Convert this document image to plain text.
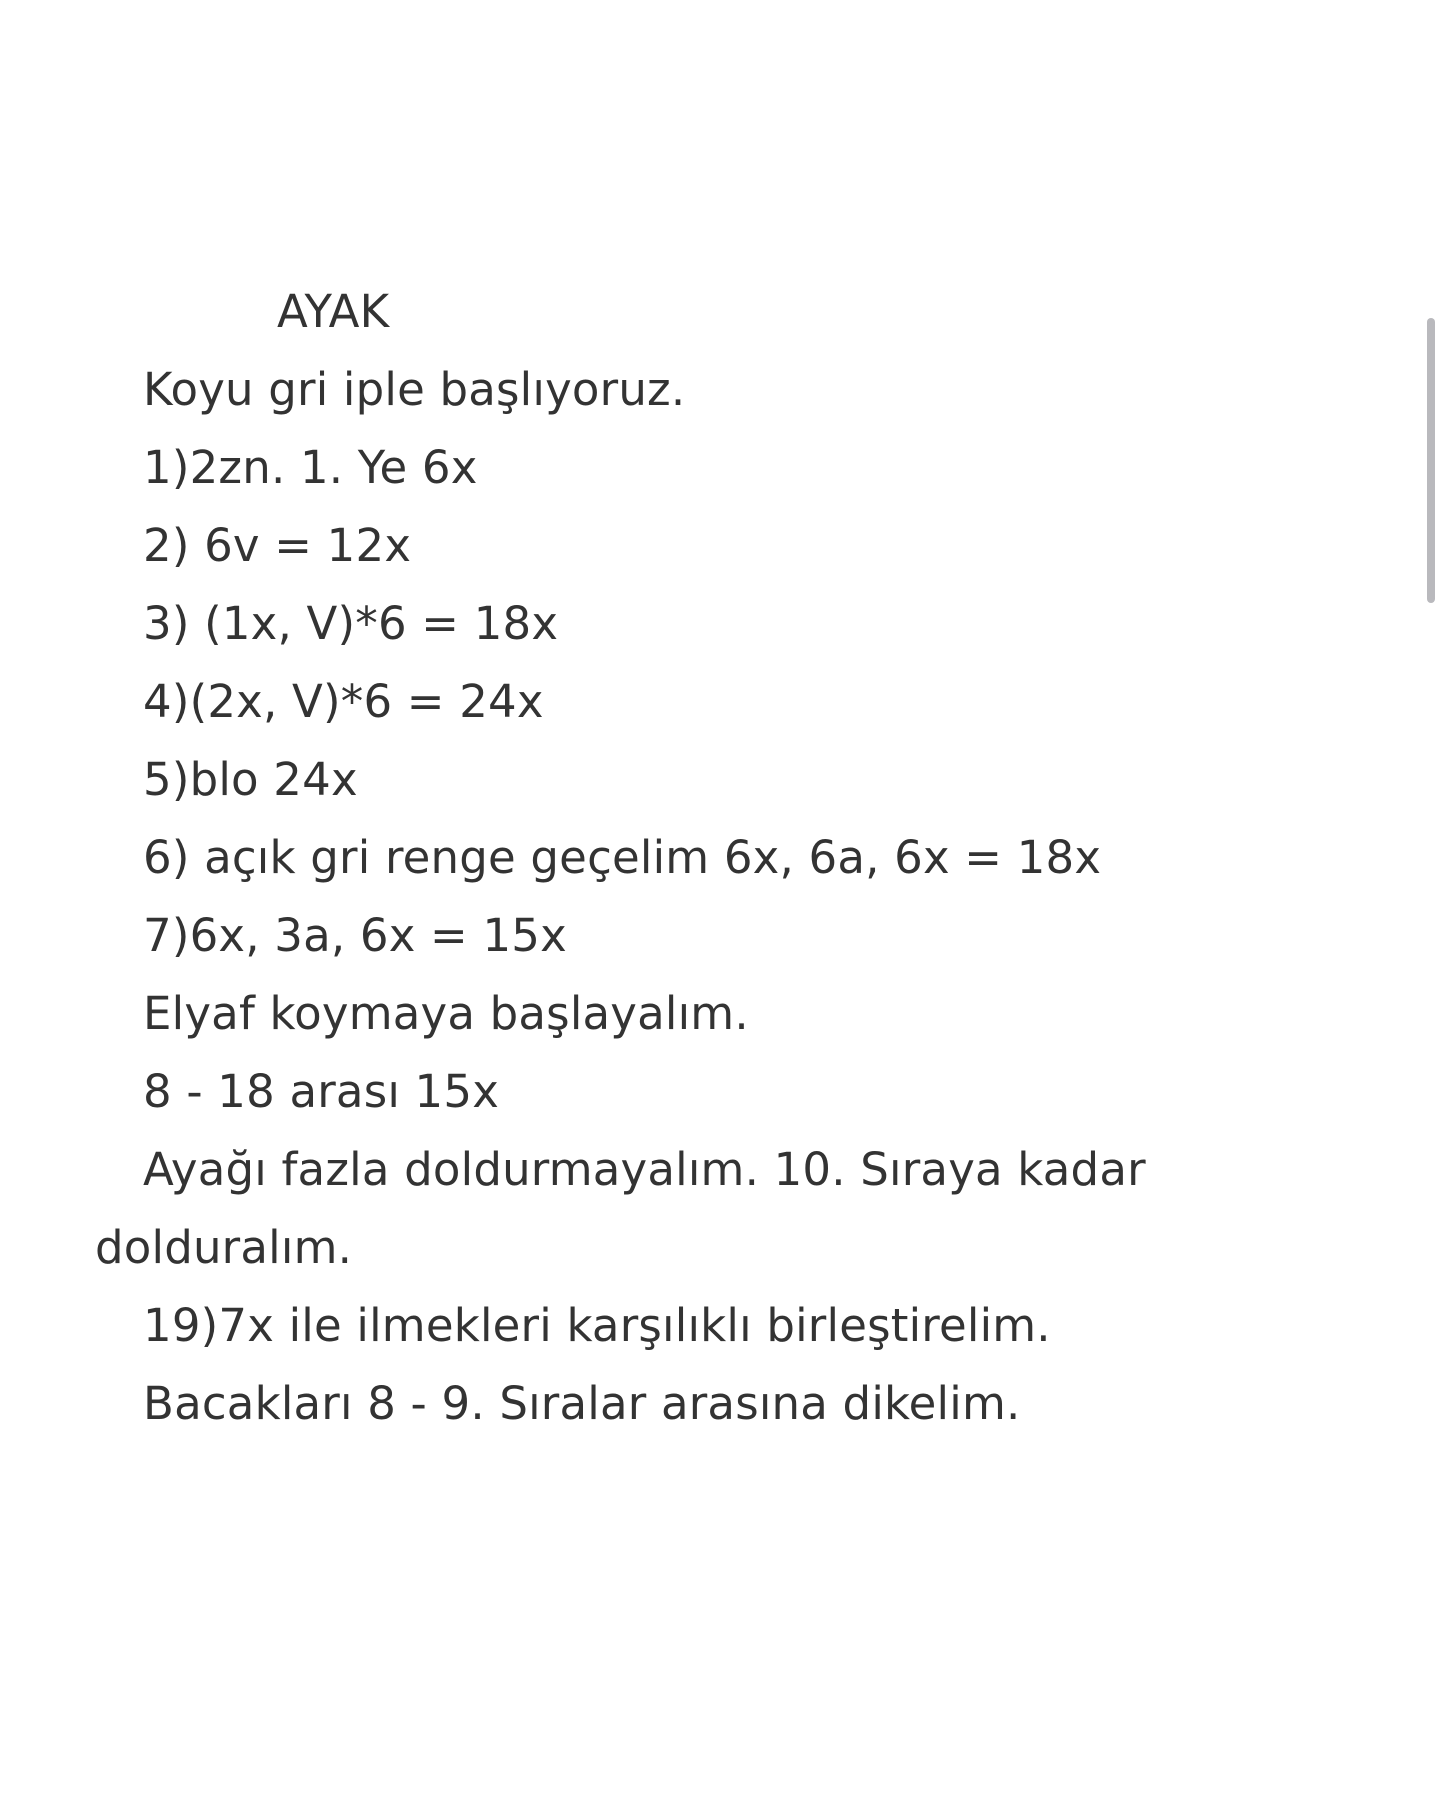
AYAK
Koyu gri iple başlıyoruz.
1)2zn. 1. Ye 6x
2) 6v = 12x
3) (1x, V)*6 = 18x
4)(2x, V)*6 = 24x
5)blo 24x
6) açık gri renge geçelim 6x, 6a, 6x = 18x
7)6x, 3a, 6x = 15x
Elyaf koymaya başlayalım.
8 - 18 arası 15x
Ayağı fazla doldurmayalım. 10. Sıraya kadar
dolduralım.
19)7x ile ilmekleri karşılıklı birleştirelim.
Bacakları 8 - 9. Sıralar arasına dikelim.
